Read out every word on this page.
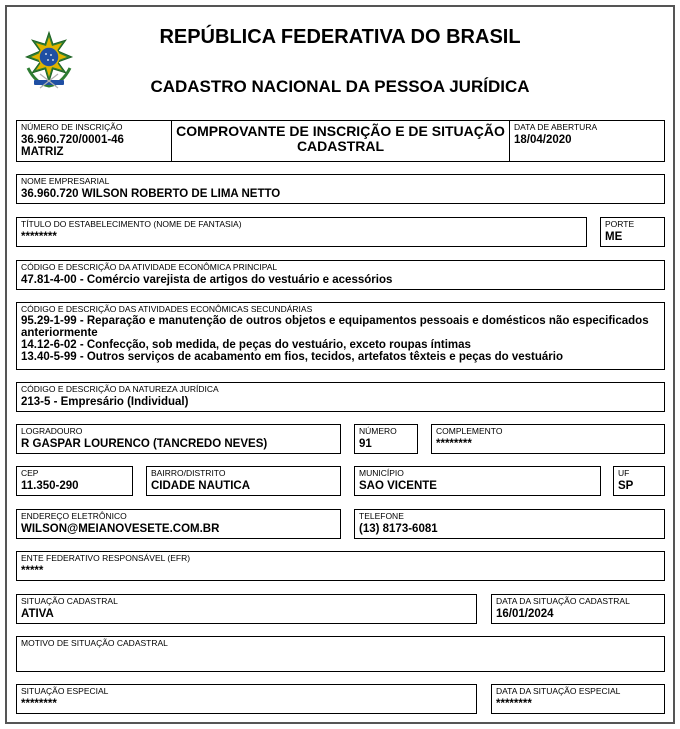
REPÚBLICA FEDERATIVA DO BRASIL
CADASTRO NACIONAL DA PESSOA JURÍDICA
NÚMERO DE INSCRIÇÃO
36.960.720/0001-46
MATRIZ
COMPROVANTE DE INSCRIÇÃO E DE SITUAÇÃO
CADASTRAL
DATA DE ABERTURA
18/04/2020
NOME EMPRESARIAL
36.960.720 WILSON ROBERTO DE LIMA NETTO
TÍTULO DO ESTABELECIMENTO (NOME DE FANTASIA)
********
PORTE
ME
CÓDIGO E DESCRIÇÃO DA ATIVIDADE ECONÔMICA PRINCIPAL
47.81-4-00 - Comércio varejista de artigos do vestuário e acessórios
CÓDIGO E DESCRIÇÃO DAS ATIVIDADES ECONÔMICAS SECUNDÁRIAS
95.29-1-99 - Reparação e manutenção de outros objetos e equipamentos pessoais e domésticos não especificados
anteriormente
14.12-6-02 - Confecção, sob medida, de peças do vestuário, exceto roupas íntimas
13.40-5-99 - Outros serviços de acabamento em fios, tecidos, artefatos têxteis e peças do vestuário
CÓDIGO E DESCRIÇÃO DA NATUREZA JURÍDICA
213-5 - Empresário (Individual)
LOGRADOURO
R GASPAR LOURENCO (TANCREDO NEVES)
NÚMERO
91
COMPLEMENTO
********
CEP
11.350-290
BAIRRO/DISTRITO
CIDADE NAUTICA
MUNICÍPIO
SAO VICENTE
UF
SP
ENDEREÇO ELETRÔNICO
WILSON@MEIANOVESETE.COM.BR
TELEFONE
(13) 8173-6081
ENTE FEDERATIVO RESPONSÁVEL (EFR)
*****
SITUAÇÃO CADASTRAL
ATIVA
DATA DA SITUAÇÃO CADASTRAL
16/01/2024
MOTIVO DE SITUAÇÃO CADASTRAL
SITUAÇÃO ESPECIAL
********
DATA DA SITUAÇÃO ESPECIAL
********
